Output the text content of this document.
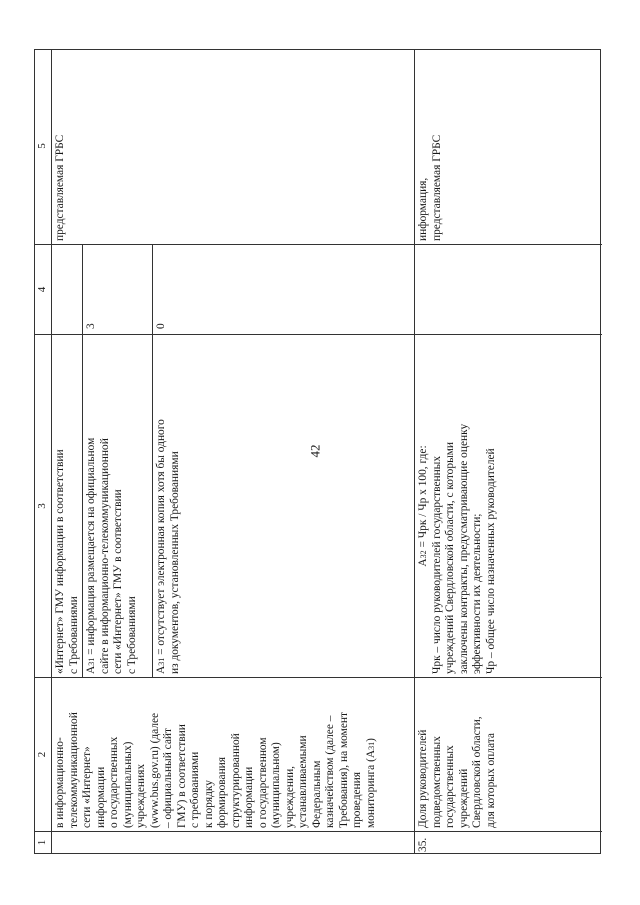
42
1
2
3
4
5
в информационно-
телекоммуникационной
сети «Интернет»
информации
о государственных
(муниципальных)
учреждениях
(www.bus.gov.ru) (далее
– официальный сайт
ГМУ) в соответствии
с требованиями
к порядку
формирования
структурированной
информации
о государственном
(муниципальном)
учреждении,
устанавливаемыми
Федеральным
казначейством (далее –
Требования), на момент
проведения
мониторинга (А31)
«Интернет» ГМУ информации в соответствии
с Требованиями
А31 = информация размещается на официальном
сайте в информационно-телекоммуникационной
сети «Интернет» ГМУ в соответствии
с Требованиями
А31 = отсутствует электронная копия хотя бы одного
из документов, установленных Требованиями
3	0
представляемая ГРБС
35.
Доля руководителей
подведомственных
государственных
учреждений
Свердловской области,
для которых оплата
А32 = Чрк / Чр х 100, где:
Чрк – число руководителей государственных
учреждений Свердловской области, с которыми
заключены контракты, предусматривающие оценку
эффективности их деятельности;
Чр – общее число назначенных руководителей
информация,
представляемая ГРБС
